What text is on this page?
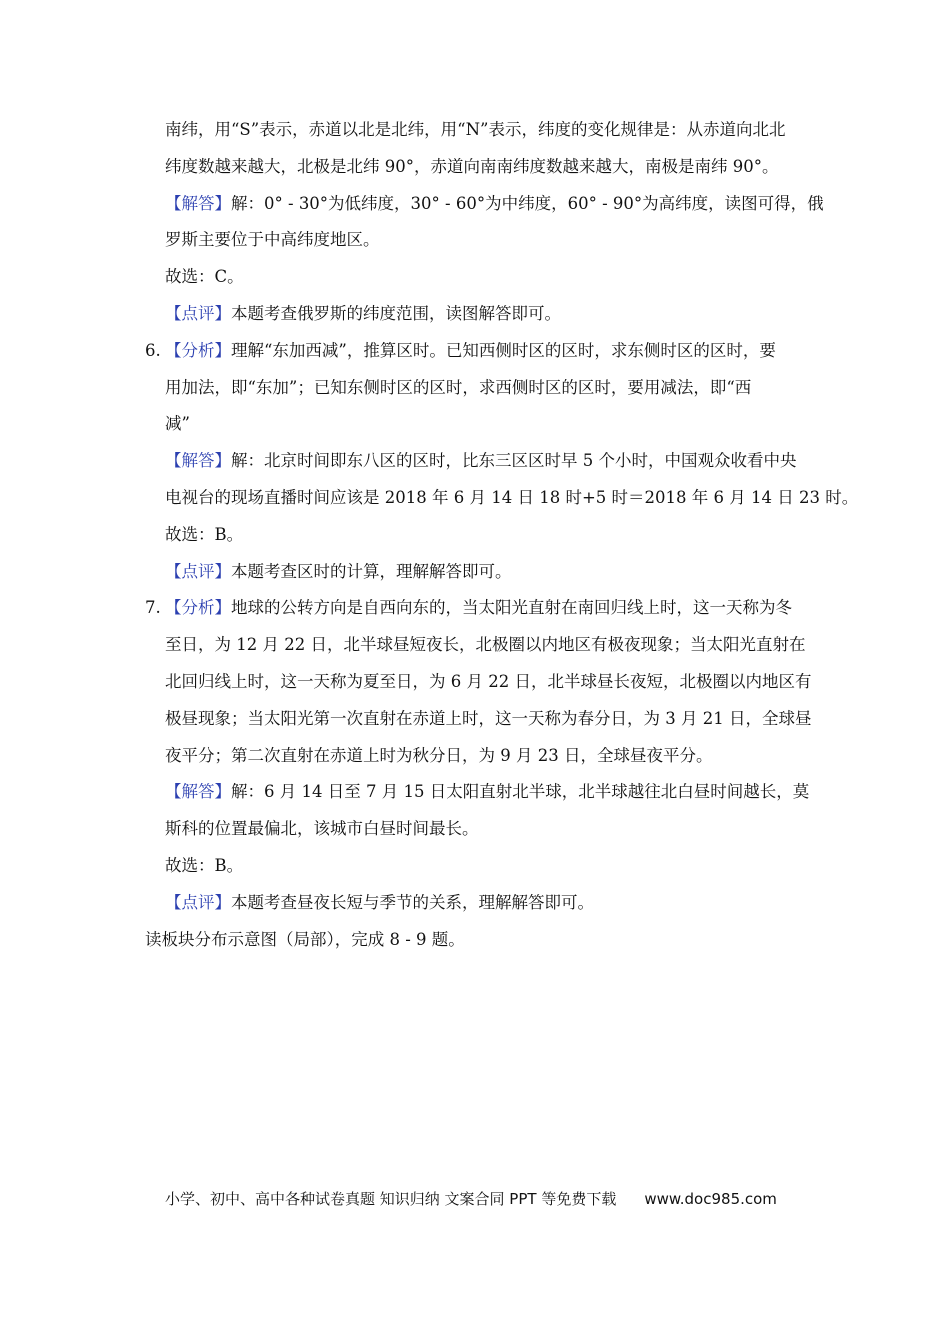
南纬，用“S”表示，赤道以北是北纬，用“N”表示，纬度的变化规律是：从赤道向北北
纬度数越来越大，北极是北纬 90°，赤道向南南纬度数越来越大，南极是南纬 90°。
【解答】解：0° - 30°为低纬度，30° - 60°为中纬度，60° - 90°为高纬度，读图可得，俄
罗斯主要位于中高纬度地区。
故选：C。
【点评】本题考查俄罗斯的纬度范围，读图解答即可。
6. 【分析】理解“东加西减”，推算区时。已知西侧时区的区时，求东侧时区的区时，要
用加法，即“东加”；已知东侧时区的区时，求西侧时区的区时，要用减法，即“西
减”
【解答】解：北京时间即东八区的区时，比东三区区时早 5 个小时，中国观众收看中央
电视台的现场直播时间应该是 2018 年 6 月 14 日 18 时+5 时＝2018 年 6 月 14 日 23 时。
故选：B。
【点评】本题考查区时的计算，理解解答即可。
7. 【分析】地球的公转方向是自西向东的，当太阳光直射在南回归线上时，这一天称为冬
至日，为 12 月 22 日，北半球昼短夜长，北极圈以内地区有极夜现象；当太阳光直射在
北回归线上时，这一天称为夏至日，为 6 月 22 日，北半球昼长夜短，北极圈以内地区有
极昼现象；当太阳光第一次直射在赤道上时，这一天称为春分日，为 3 月 21 日，全球昼
夜平分；第二次直射在赤道上时为秋分日，为 9 月 23 日，全球昼夜平分。
【解答】解：6 月 14 日至 7 月 15 日太阳直射北半球，北半球越往北白昼时间越长，莫
斯科的位置最偏北，该城市白昼时间最长。
故选：B。
【点评】本题考查昼夜长短与季节的关系，理解解答即可。
读板块分布示意图（局部），完成 8 - 9 题。
小学、初中、高中各种试卷真题 知识归纳 文案合同 PPT 等免费下载 www.doc985.com
